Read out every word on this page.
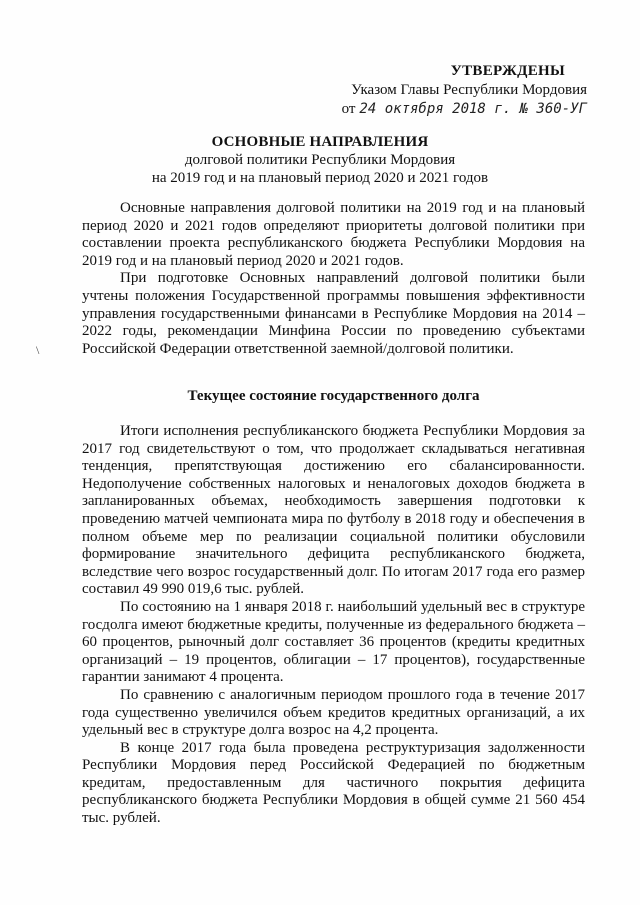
УТВЕРЖДЕНЫ
Указом Главы Республики Мордовия
от 24 октября 2018 г. № 360-УГ
ОСНОВНЫЕ НАПРАВЛЕНИЯ
долговой политики Республики Мордовия
на 2019 год и на плановый период 2020 и 2021 годов

Основные направления долговой политики на 2019 год и на плановый период 2020 и 2021 годов определяют приоритеты долговой политики при составлении проекта республиканского бюджета Республики Мордовия на 2019 год и на плановый период 2020 и 2021 годов.

При подготовке Основных направлений долговой политики были учтены положения Государственной программы повышения эффективности управления государственными финансами в Республике Мордовия на 2014 – 2022 годы, рекомендации Минфина России по проведению субъектами Российской Федерации ответственной заемной/долговой политики.

\
Текущее состояние государственного долга

Итоги исполнения республиканского бюджета Республики Мордовия за 2017 год свидетельствуют о том, что продолжает складываться негативная тенденция, препятствующая достижению его сбалансированности. Недополучение собственных налоговых и неналоговых доходов бюджета в запланированных объемах, необходимость завершения подготовки к проведению матчей чемпионата мира по футболу в 2018 году и обеспечения в полном объеме мер по реализации социальной политики обусловили формирование значительного дефицита республиканского бюджета, вследствие чего возрос государственный долг. По итогам 2017 года его размер составил 49 990 019,6 тыс. рублей.

По состоянию на 1 января 2018 г. наибольший удельный вес в структуре госдолга имеют бюджетные кредиты, полученные из федерального бюджета – 60 процентов, рыночный долг составляет 36 процентов (кредиты кредитных организаций – 19 процентов, облигации – 17 процентов), государственные гарантии занимают 4 процента.

По сравнению с аналогичным периодом прошлого года в течение 2017 года существенно увеличился объем кредитов кредитных организаций, а их удельный вес в структуре долга возрос на 4,2 процента.

В конце 2017 года была проведена реструктуризация задолженности Республики Мордовия перед Российской Федерацией по бюджетным кредитам, предоставленным для частичного покрытия дефицита республиканского бюджета Республики Мордовия в общей сумме 21 560 454 тыс. рублей.
